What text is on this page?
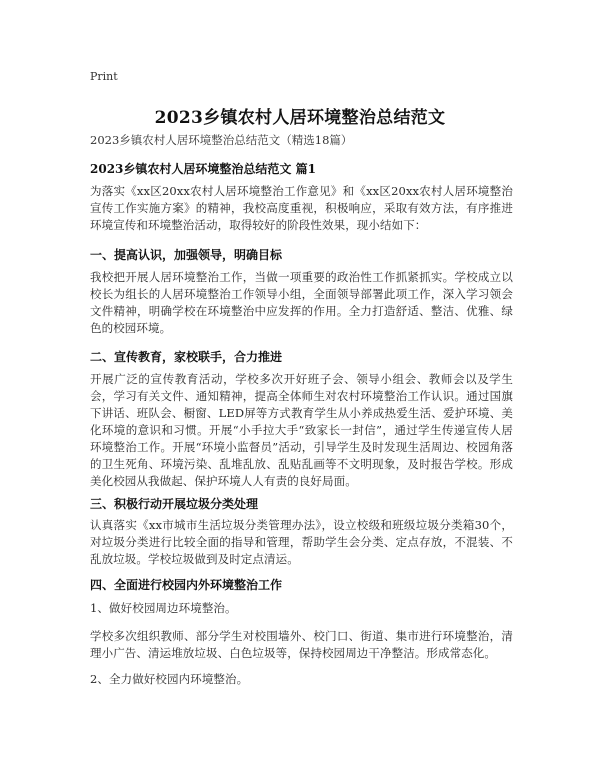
Print
2023乡镇农村人居环境整治总结范文
2023乡镇农村人居环境整治总结范文（精选18篇）
2023乡镇农村人居环境整治总结范文 篇1
为落实《xx区20xx农村人居环境整治工作意见》和《xx区20xx农村人居环境整治宣传工作实施方案》的精神，我校高度重视，积极响应，采取有效方法，有序推进环境宣传和环境整治活动，取得较好的阶段性效果，现小结如下：
一、提高认识，加强领导，明确目标
我校把开展人居环境整治工作，当做一项重要的政治性工作抓紧抓实。学校成立以校长为组长的人居环境整治工作领导小组，全面领导部署此项工作，深入学习领会文件精神，明确学校在环境整治中应发挥的作用。全力打造舒适、整洁、优雅、绿色的校园环境。
二、宣传教育，家校联手，合力推进
开展广泛的宣传教育活动，学校多次开好班子会、领导小组会、教师会以及学生会，学习有关文件、通知精神，提高全体师生对农村环境整治工作认识。通过国旗下讲话、班队会、橱窗、LED屏等方式教育学生从小养成热爱生活、爱护环境、美化环境的意识和习惯。开展“小手拉大手“致家长一封信”，通过学生传递宣传人居环境整治工作。开展“环境小监督员”活动，引导学生及时发现生活周边、校园角落的卫生死角、环境污染、乱堆乱放、乱贴乱画等不文明现象，及时报告学校。形成美化校园从我做起、保护环境人人有责的良好局面。
三、积极行动开展垃圾分类处理
认真落实《xx市城市生活垃圾分类管理办法》，设立校级和班级垃圾分类箱30个，对垃圾分类进行比较全面的指导和管理，帮助学生会分类、定点存放，不混装、不乱放垃圾。学校垃圾做到及时定点清运。
四、全面进行校园内外环境整治工作
1、做好校园周边环境整治。
学校多次组织教师、部分学生对校围墙外、校门口、街道、集市进行环境整治，清理小广告、清运堆放垃圾、白色垃圾等，保持校园周边干净整洁。形成常态化。
2、全力做好校园内环境整治。
